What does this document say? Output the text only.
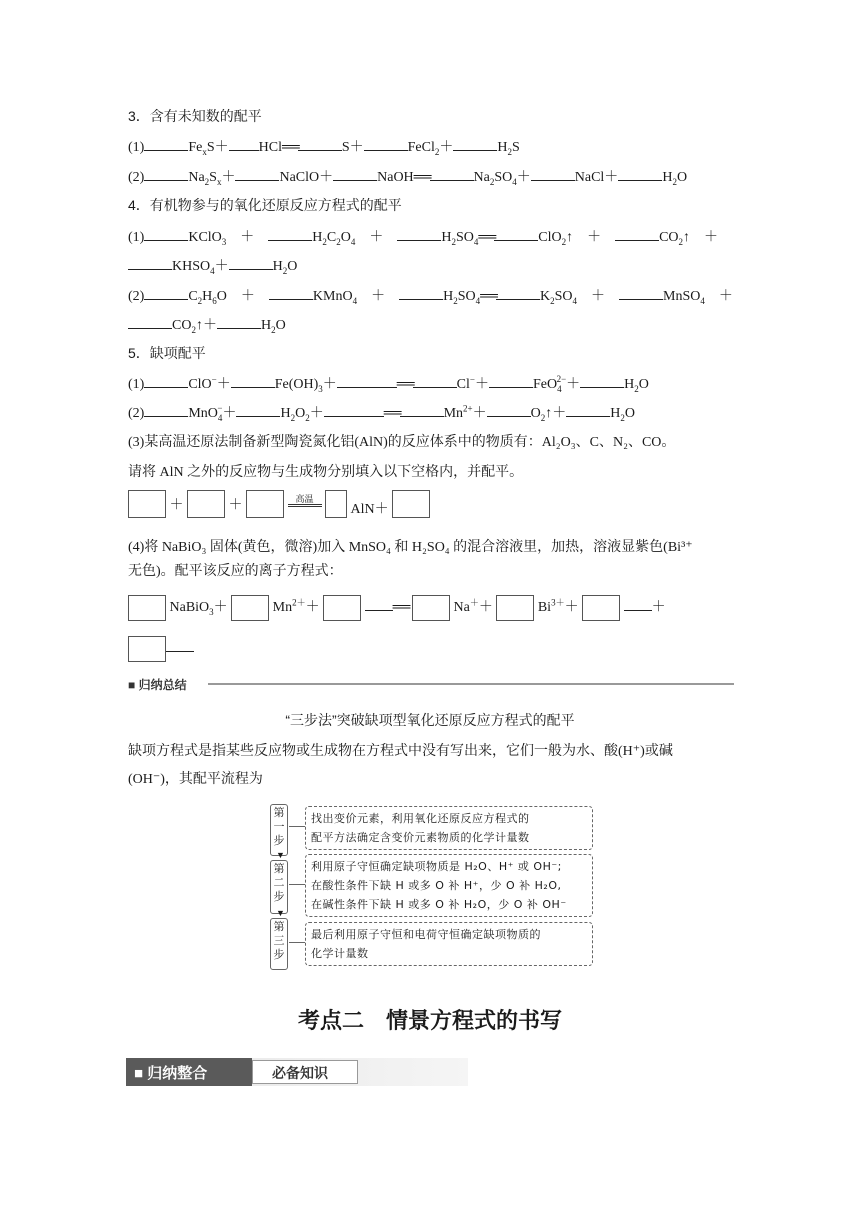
3．含有未知数的配平
(1)	$Fe_xS+$ HCl══	S＋	FeCl$_2$＋	$H_2S$
(2)	$Na_2S_x+$	NaClO＋	NaOH══	$Na_2SO_4+$	NaCl＋	$H_2O$
4．有机物参与的氧化还原反应方程式的配平
(1)	KClO$_3$　＋　	$H_2C_2O_4$　＋　	$H_2SO_4══$	ClO$_2$↑　＋　	$CO_2↑$　＋
$KHSO_4+$	$H_2O$
(2)	$C_2H_6O$　＋　	KMnO$_4$　＋　	$H_2SO_4══$	$K_2SO_4$　＋　	MnSO$_4$　＋
$CO_2↑+$	$H_2O$
5．缺项配平
(1)	ClO−＋	$Fe(OH)_3+$	══	Cl−＋	FeO$_4^{2-}$＋	$H_2O$
(2)	MnO$_4$−＋	$H_2O_2+$	══	$Mn^{2+}+$	$O_2↑+$	$H_2O$
(3)某高温还原法制备新型陶瓷氮化铝(AlN)的反应体系中的物质有：Al₂O₃、C、N₂、CO。
请将 AlN 之外的反应物与生成物分别填入以下空格内，并配平。
＋	＋	高温
AlN＋
(4)将 NaBiO₃ 固体(黄色，微溶)加入 MnSO₄ 和 H₂SO₄ 的混合溶液里，加热，溶液显紫色(Bi³⁺
无色)。配平该反应的离子方程式：
NaBiO$_3$＋	$Mn^{2+}+$	══	Na＋＋	$Bi^{3+}+$	＋
■ 归纳总结
“三步法”突破缺项型氧化还原反应方程式的配平
缺项方程式是指某些反应物或生成物在方程式中没有写出来，它们一般为水、酸(H⁺)或碱
(OH⁻)，其配平流程为
第
一
步
第
二
步
第
三
步
▼
▼
找出变价元素，利用氧化还原反应方程式的
配平方法确定含变价元素物质的化学计量数
利用原子守恒确定缺项物质是 H₂O、H⁺ 或 OH⁻;
在酸性条件下缺 H 或多 O 补 H⁺，少 O 补 H₂O,
在碱性条件下缺 H 或多 O 补 H₂O，少 O 补 OH⁻
最后利用原子守恒和电荷守恒确定缺项物质的
化学计量数
考点二　情景方程式的书写
■ 归纳整合	必备知识
